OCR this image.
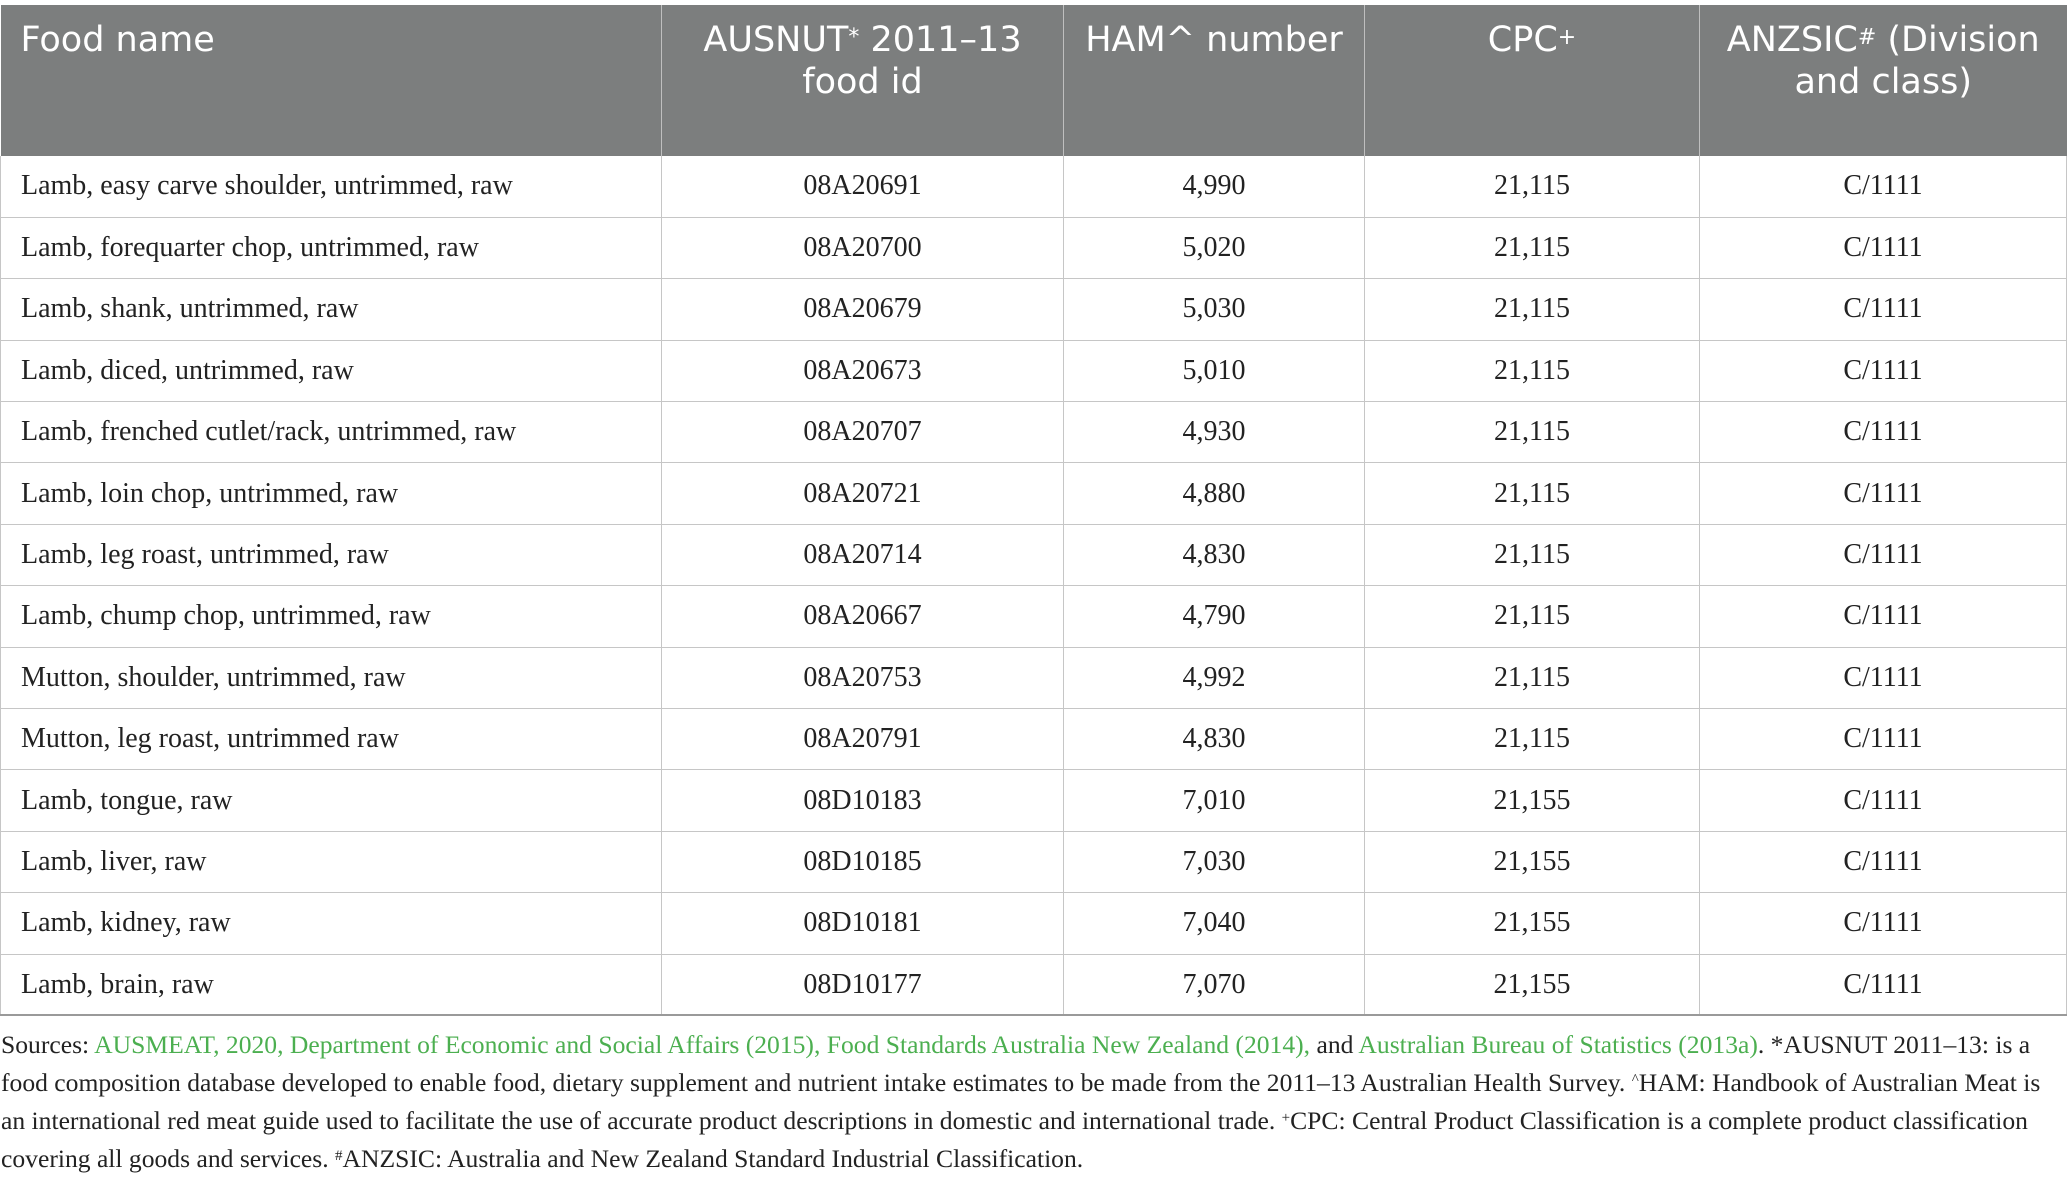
Food name	AUSNUT* 2011–13 food id	HAM^ number	CPC+	ANZSIC# (Division and class)
Lamb, easy carve shoulder, untrimmed, raw	08A20691	4,990	21,115	C/1111
Lamb, forequarter chop, untrimmed, raw	08A20700	5,020	21,115	C/1111
Lamb, shank, untrimmed, raw	08A20679	5,030	21,115	C/1111
Lamb, diced, untrimmed, raw	08A20673	5,010	21,115	C/1111
Lamb, frenched cutlet/rack, untrimmed, raw	08A20707	4,930	21,115	C/1111
Lamb, loin chop, untrimmed, raw	08A20721	4,880	21,115	C/1111
Lamb, leg roast, untrimmed, raw	08A20714	4,830	21,115	C/1111
Lamb, chump chop, untrimmed, raw	08A20667	4,790	21,115	C/1111
Mutton, shoulder, untrimmed, raw	08A20753	4,992	21,115	C/1111
Mutton, leg roast, untrimmed raw	08A20791	4,830	21,115	C/1111
Lamb, tongue, raw	08D10183	7,010	21,155	C/1111
Lamb, liver, raw	08D10185	7,030	21,155	C/1111
Lamb, kidney, raw	08D10181	7,040	21,155	C/1111
Lamb, brain, raw	08D10177	7,070	21,155	C/1111
Sources: AUSMEAT, 2020, Department of Economic and Social Affairs (2015), Food Standards Australia New Zealand (2014), and Australian Bureau of Statistics (2013a). *AUSNUT 2011–13: is a food composition database developed to enable food, dietary supplement and nutrient intake estimates to be made from the 2011–13 Australian Health Survey. ^HAM: Handbook of Australian Meat is an international red meat guide used to facilitate the use of accurate product descriptions in domestic and international trade. +CPC: Central Product Classification is a complete product classification covering all goods and services. #ANZSIC: Australia and New Zealand Standard Industrial Classification.
